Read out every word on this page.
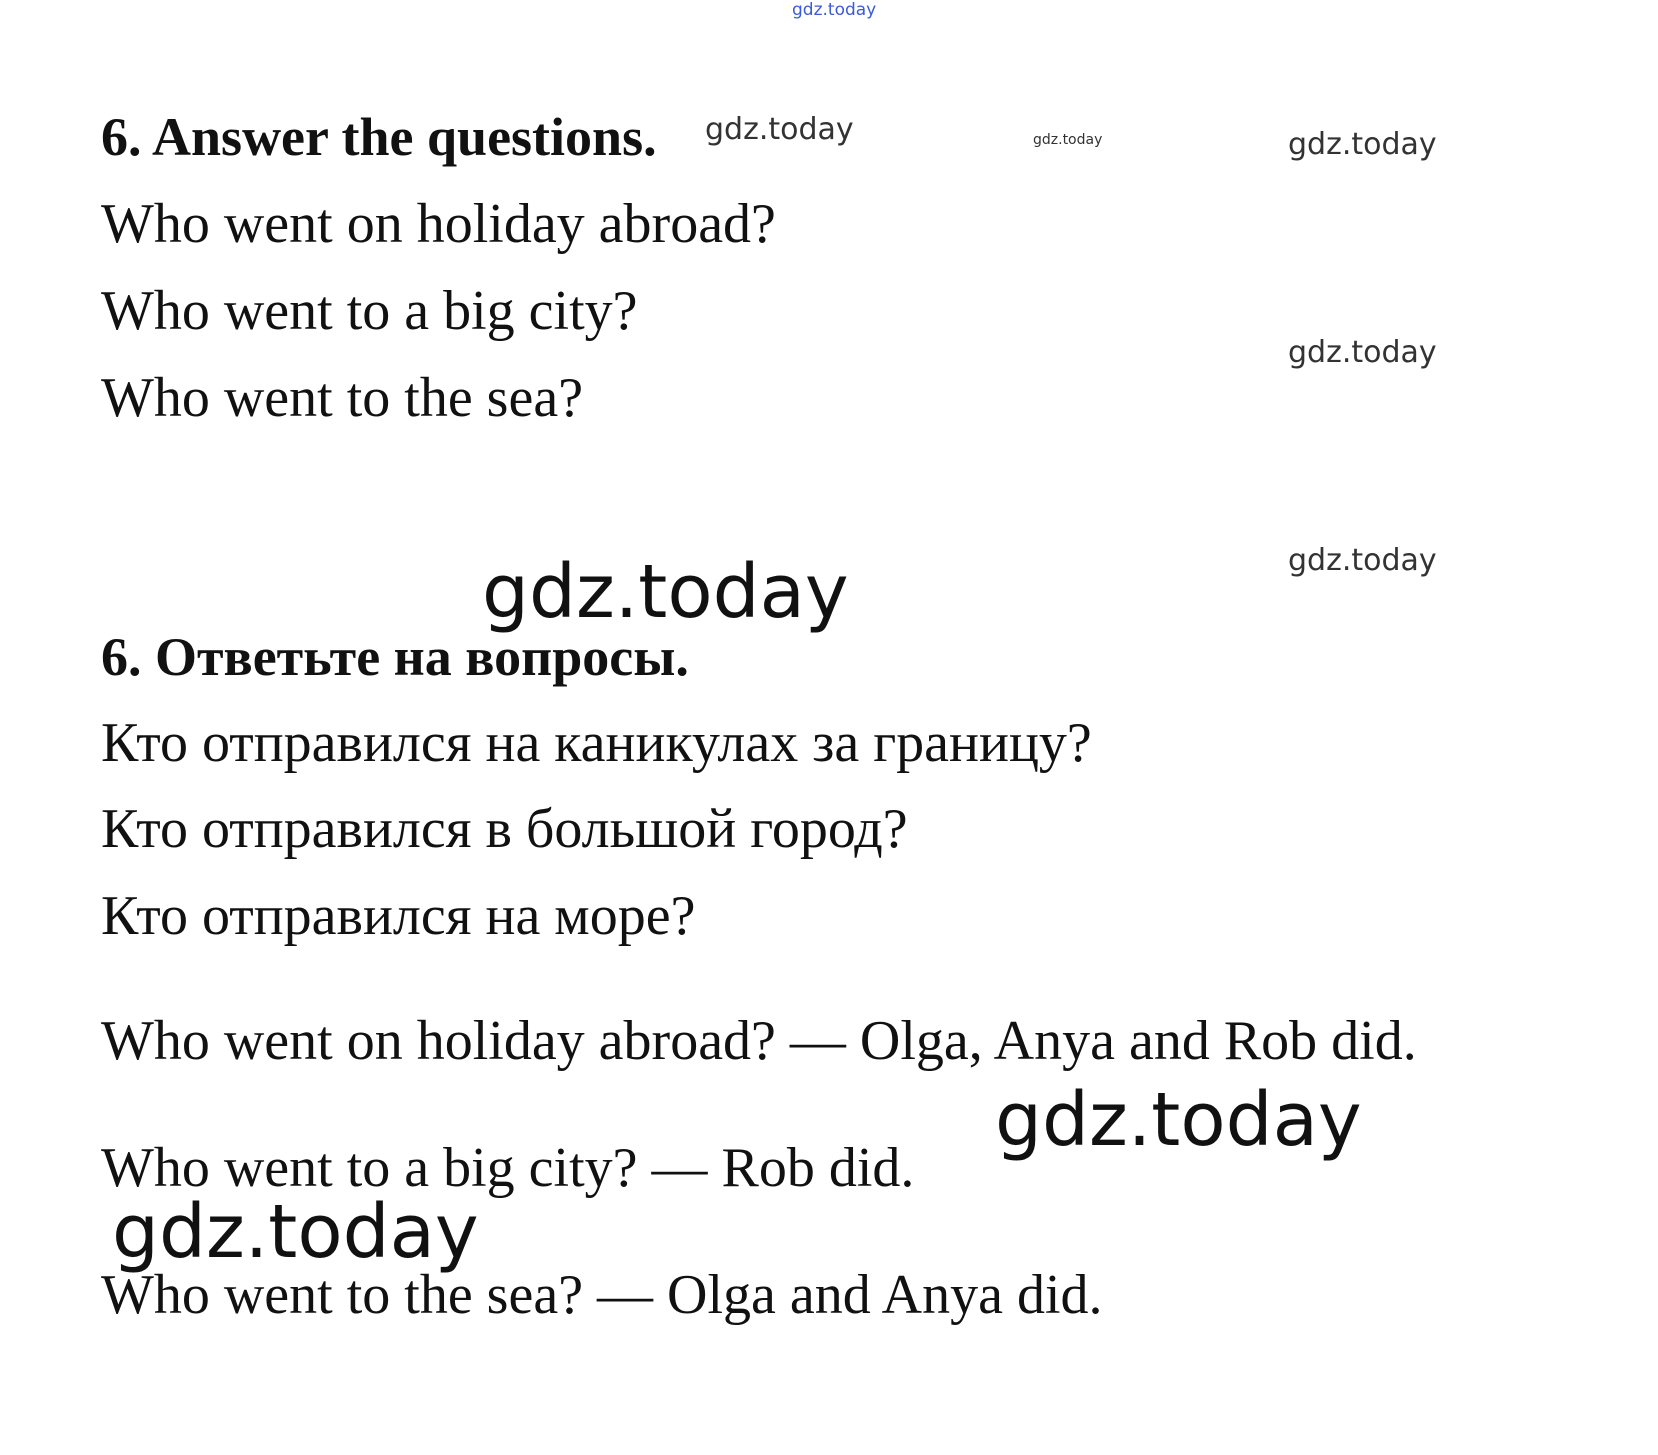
gdz.today
gdz.today	gdz.today	gdz.today
gdz.today
gdz.today
6. Answer the questions.
Who went on holiday abroad?
Who went to a big city?
Who went to the sea?
6. Ответьте на вопросы.
Кто отправился на каникулах за границу?
Кто отправился в большой город?
Кто отправился на море?
Who went on holiday abroad? — Olga, Anya and Rob did.
Who went to a big city? — Rob did.
Who went to the sea? — Olga and Anya did.
gdz.today
gdz.today
gdz.today
